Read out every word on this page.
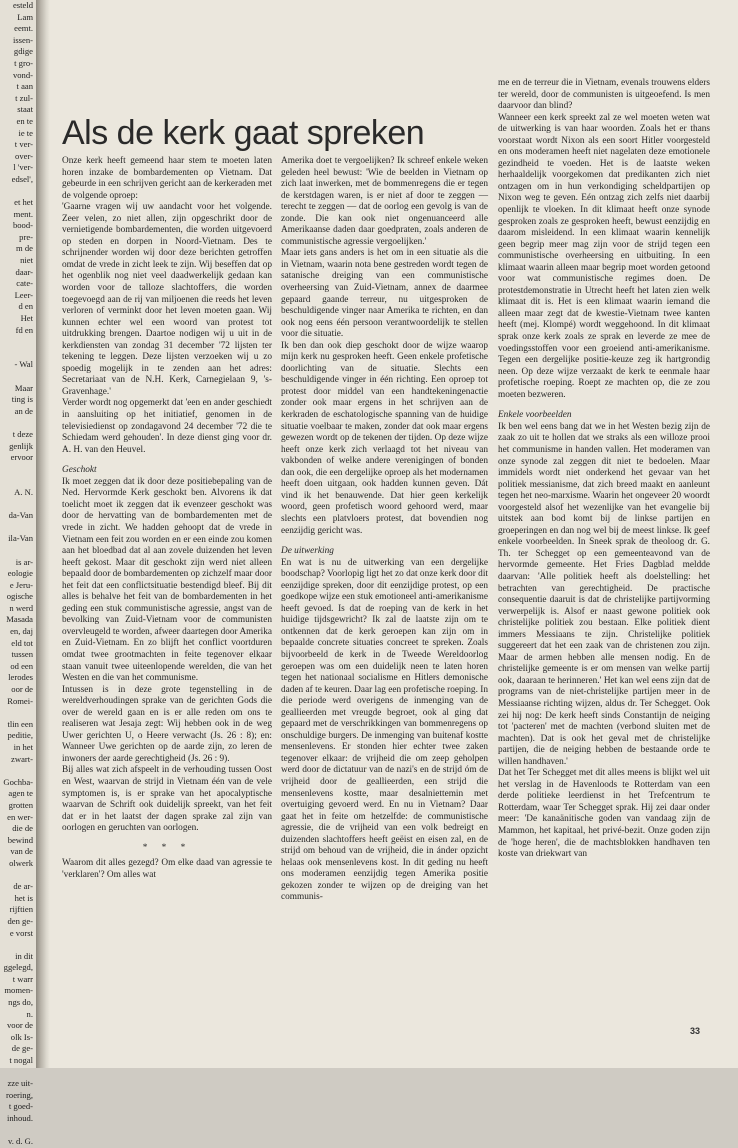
esteld

Lam

eemt.

issen-

gdige

t gro-

vond-

t aan

t zul-

staat

en te

ie te

t ver-

over-

l 'ver-

edsel',

et het

ment.

bood-

pre-

m de

niet

daar-

cate-

Leer-

d en

Het

fd en

- Wal

Maar

ting is

an de

t deze

genlijk

ervoor

A. N.

da-Van

ila-Van

is ar-

eologie

e Jeru-

ogische

n werd

Masada

en, daj

eld tot

tussen

od een

lerodes

oor de

Romei-

tlin een

peditie,

in het

zwart-

Gochba-

agen te

grotten

en wer-

die de

bewind

van de

olwerk

de ar-

het is

rijftien

den ge-

e vorst

in dit

ggelegd,

t warr

momen-

ngs do,

n.

voor de

olk Is-

de ge-

t nogal

zze uit-

roering,

t goed-

inhoud.

v. d. G.

Als de kerk gaat spreken

Onze kerk heeft gemeend haar stem te moeten laten horen inzake de bombardementen op Vietnam. Dat gebeurde in een schrijven gericht aan de kerkeraden met de volgende oproep:

'Gaarne vragen wij uw aandacht voor het volgende. Zeer velen, zo niet allen, zijn opgeschrikt door de vernietigende bombardementen, die worden uitgevoerd op steden en dorpen in Noord-Vietnam. Des te schrijnender worden wij door deze berichten getroffen omdat de vrede in zicht leek te zijn. Wij beseffen dat op het ogenblik nog niet veel daadwerkelijk gedaan kan worden voor de talloze slachtoffers, die worden toegevoegd aan de rij van miljoenen die reeds het leven verloren of verminkt door het leven moeten gaan. Wij kunnen echter wel een woord van protest tot uitdrukking brengen. Daartoe nodigen wij u uit in de kerkdiensten van zondag 31 december '72 lijsten ter tekening te leggen. Deze lijsten verzoeken wij u zo spoedig mogelijk in te zenden aan het adres: Secretariaat van de N.H. Kerk, Carnegielaan 9, 's-Gravenhage.'

Verder wordt nog opgemerkt dat 'een en ander geschiedt in aansluiting op het initiatief, genomen in de televisiedienst op zondagavond 24 december '72 die te Schiedam werd gehouden'. In deze dienst ging voor dr. A. H. van den Heuvel.

Geschokt

Ik moet zeggen dat ik door deze positiebepaling van de Ned. Hervormde Kerk geschokt ben. Alvorens ik dat toelicht moet ik zeggen dat ik evenzeer geschokt was door de hervatting van de bombardementen met de vrede in zicht. We hadden gehoopt dat de vrede in Vietnam een feit zou worden en er een einde zou komen aan het bloedbad dat al aan zovele duizenden het leven heeft gekost. Maar dit geschokt zijn werd niet alleen bepaald door de bombardementen op zichzelf maar door het feit dat een conflictsituatie bestendigd bleef. Bij dit alles is behalve het feit van de bombardementen in het geding een stuk communistische agressie, angst van de bevolking van Zuid-Vietnam voor de communisten overvleugeld te worden, afweer daartegen door Amerika en Zuid-Vietnam. En zo blijft het conflict voortduren omdat twee grootmachten in feite tegenover elkaar staan vanuit twee uiteenlopende werelden, die van het Westen en die van het communisme.

Intussen is in deze grote tegenstelling in de wereldverhoudingen sprake van de gerichten Gods die over de wereld gaan en is er alle reden om ons te realiseren wat Jesaja zegt: Wij hebben ook in de weg Uwer gerichten U, o Heere verwacht (Js. 26 : 8); en: Wanneer Uwe gerichten op de aarde zijn, zo leren de inwoners der aarde gerechtigheid (Js. 26 : 9).

Bij alles wat zich afspeelt in de verhouding tussen Oost en West, waarvan de strijd in Vietnam één van de vele symptomen is, is er sprake van het apocalyptische waarvan de Schrift ook duidelijk spreekt, van het feit dat er in het laatst der dagen sprake zal zijn van oorlogen en geruchten van oorlogen.

* * *

Waarom dit alles gezegd? Om elke daad van agressie te 'verklaren'? Om alles wat

Amerika doet te vergoelijken? Ik schreef enkele weken geleden heel bewust: 'Wie de beelden in Vietnam op zich laat inwerken, met de bommenregens die er tegen de kerstdagen waren, is er niet af door te zeggen — terecht te zeggen — dat de oorlog een gevolg is van de zonde. Die kan ook niet ongenuanceerd alle Amerikaanse daden daar goedpraten, zoals anderen de communistische agressie vergoelijken.'

Maar iets gans anders is het om in een situatie als die in Vietnam, waarin nota bene gestreden wordt tegen de satanische dreiging van een communistische overheersing van Zuid-Vietnam, annex de daarmee gepaard gaande terreur, nu uitgesproken de beschuldigende vinger naar Amerika te richten, en dan ook nog eens één persoon verantwoordelijk te stellen voor die situatie.

Ik ben dan ook diep geschokt door de wijze waarop mijn kerk nu gesproken heeft. Geen enkele profetische doorlichting van de situatie. Slechts een beschuldigende vinger in één richting. Een oproep tot protest door middel van een handtekeningenactie zonder ook maar ergens in het schrijven aan de kerkraden de eschatologische spanning van de huidige situatie voelbaar te maken, zonder dat ook maar ergens gewezen wordt op de tekenen der tijden. Op deze wijze heeft onze kerk zich verlaagd tot het niveau van vakbonden of welke andere verenigingen of bonden dan ook, die een dergelijke oproep als het modernamen heeft doen uitgaan, ook hadden kunnen geven. Dát vind ik het benauwende. Dat hier geen kerkelijk woord, geen profetisch woord gehoord werd, maar slechts een platvloers protest, dat bovendien nog eenzijdig gericht was.

De uitwerking

En wat is nu de uitwerking van een dergelijke boodschap? Voorlopig ligt het zo dat onze kerk door dit eenzijdige spreken, door dit eenzijdige protest, op een goedkope wijze een stuk emotioneel anti-amerikanisme heeft gevoed. Is dat de roeping van de kerk in het huidige tijdsgewricht? Ik zal de laatste zijn om te ontkennen dat de kerk geroepen kan zijn om in bepaalde concrete situaties concreet te spreken. Zoals bijvoorbeeld de kerk in de Tweede Wereldoorlog geroepen was om een duidelijk neen te laten horen tegen het nationaal socialisme en Hitlers demonische daden af te keuren. Daar lag een profetische roeping. In die periode werd overigens de inmenging van de geallieerden met vreugde begroet, ook al ging dat gepaard met de verschrikkingen van bommenregens op onschuldige burgers. De inmenging van buitenaf kostte mensenlevens. Er stonden hier echter twee zaken tegenover elkaar: de vrijheid die om zeep geholpen werd door de dictatuur van de nazi's en de strijd óm de vrijheid door de geallieerden, een strijd die mensenlevens kostte, maar desalniettemin met overtuiging gevoerd werd. En nu in Vietnam? Daar gaat het in feite om hetzelfde: de communistische agressie, die de vrijheid van een volk bedreigt en duizenden slachtoffers heeft geëist en eisen zal, en de strijd om behoud van de vrijheid, die in ánder opzicht helaas ook mensenlevens kost. In dit geding nu heeft ons moderamen eenzijdig tegen Amerika positie gekozen zonder te wijzen op de dreiging van het communis-

me en de terreur die in Vietnam, evenals trouwens elders ter wereld, door de communisten is uitgeoefend. Is men daarvoor dan blind?

Wanneer een kerk spreekt zal ze wel moeten weten wat de uitwerking is van haar woorden. Zoals het er thans voorstaat wordt Nixon als een soort Hitler voorgesteld en ons moderamen heeft niet nagelaten deze emotionele gezindheid te voeden. Het is de laatste weken herhaaldelijk voorgekomen dat predikanten zich niet ontzagen om in hun verkondiging scheldpartijen op Nixon weg te geven. Eén ontzag zich zelfs niet daarbij openlijk te vloeken. In dit klimaat heeft onze synode gesproken zoals ze gesproken heeft, bewust eenzijdig en daarom misleidend. In een klimaat waarin kennelijk geen begrip meer mag zijn voor de strijd tegen een communistische overheersing en uitbuiting. In een klimaat waarin alleen maar begrip moet worden getoond voor wat communistische regimes doen. De protestdemonstratie in Utrecht heeft het laten zien welk klimaat dit is. Het is een klimaat waarin iemand die alleen maar zegt dat de kwestie-Vietnam twee kanten heeft (mej. Klompé) wordt weggehoond. In dit klimaat sprak onze kerk zoals ze sprak en leverde ze mee de voedingsstoffen voor een groeiend anti-amerikanisme. Tegen een dergelijke positie-keuze zeg ik hartgrondig neen. Op deze wijze verzaakt de kerk te eenmale haar profetische roeping. Roept ze machten op, die ze zou moeten bezweren.

Enkele voorbeelden

Ik ben wel eens bang dat we in het Westen bezig zijn de zaak zo uit te hollen dat we straks als een willoze prooi het communisme in handen vallen. Het moderamen van onze synode zal zeggen dit niet te bedoelen. Maar immidels wordt niet onderkend het gevaar van het politiek messianisme, dat zich breed maakt en aanleunt tegen het neo-marxisme. Waarin het ongeveer 20 woordt voorgesteld alsof het wezenlijke van het evangelie bij uitstek aan bod komt bij de linkse partijen en groeperingen en dan nog wel bij de meest linkse. Ik geef enkele voorbeelden. In Sneek sprak de theoloog dr. G. Th. ter Schegget op een gemeenteavond van de hervormde gemeente. Het Fries Dagblad meldde daarvan: 'Alle politiek heeft als doelstelling: het betrachten van gerechtigheid. De practische consequentie daaruit is dat de christelijke partijvorming verwerpelijk is. Alsof er naast gewone politiek ook christelijke politiek zou bestaan. Elke politiek dient immers Messiaans te zijn. Christelijke politiek suggereert dat het een zaak van de christenen zou zijn. Maar de armen hebben alle mensen nodig. En de christelijke gemeente is er om mensen van welke partij ook, daaraan te herinneren.' Het kan wel eens zijn dat de programs van de niet-christelijke partijen meer in de Messiaanse richting wijzen, aldus dr. Ter Schegget. Ook zei hij nog: De kerk heeft sinds Constantijn de neiging tot 'pacteren' met de machten (verbond sluiten met de machten). Dat is ook het geval met de christelijke partijen, die de neiging hebben de bestaande orde te willen handhaven.'

Dat het Ter Schegget met dit alles meens is blijkt wel uit het verslag in de Havenloods te Rotterdam van een derde politieke leerdienst in het Trefcentrum te Rotterdam, waar Ter Schegget sprak. Hij zei daar onder meer: 'De kanaänitische goden van vandaag zijn de Mammon, het kapitaal, het privé-bezit. Onze goden zijn de 'hoge heren', die de machtsblokken handhaven ten koste van driekwart van

33
